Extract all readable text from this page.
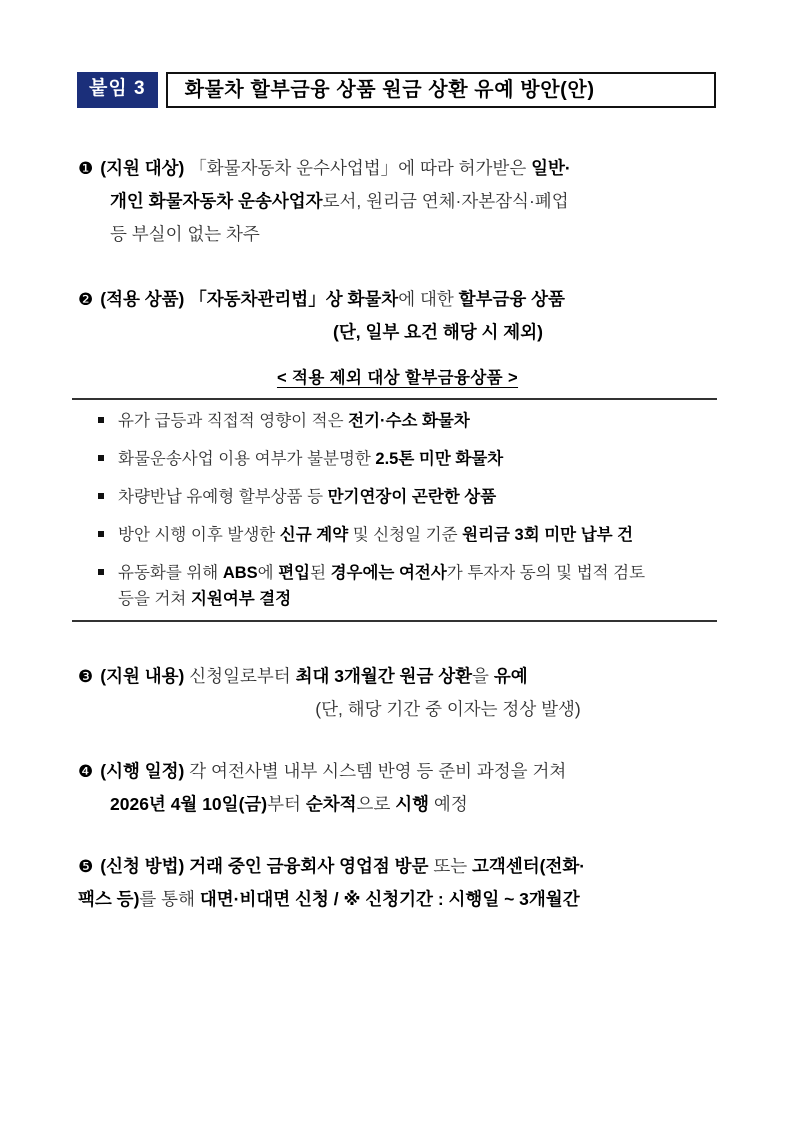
붙임 3	화물차 할부금융 상품 원금 상환 유예 방안(안)
❶ (지원 대상) 「화물자동차 운수사업법」에 따라 허가받은 일반·
개인 화물자동차 운송사업자로서, 원리금 연체·자본잠식·폐업
등 부실이 없는 차주
❷ (적용 상품) 「자동차관리법」상 화물차에 대한 할부금융 상품
(단, 일부 요건 해당 시 제외)
< 적용 제외 대상 할부금융상품 >
유가 급등과 직접적 영향이 적은 전기·수소 화물차
화물운송사업 이용 여부가 불분명한 2.5톤 미만 화물차
차량반납 유예형 할부상품 등 만기연장이 곤란한 상품
방안 시행 이후 발생한 신규 계약 및 신청일 기준 원리금 3회 미만 납부 건
유동화를 위해 ABS에 편입된 경우에는 여전사가 투자자 동의 및 법적 검토
등을 거쳐 지원여부 결정
❸ (지원 내용) 신청일로부터 최대 3개월간 원금 상환을 유예
(단, 해당 기간 중 이자는 정상 발생)
❹ (시행 일정) 각 여전사별 내부 시스템 반영 등 준비 과정을 거쳐
2026년 4월 10일(금)부터 순차적으로 시행 예정
❺ (신청 방법) 거래 중인 금융회사 영업점 방문 또는 고객센터(전화·
팩스 등)를 통해 대면·비대면 신청 / ※ 신청기간 : 시행일 ~ 3개월간
